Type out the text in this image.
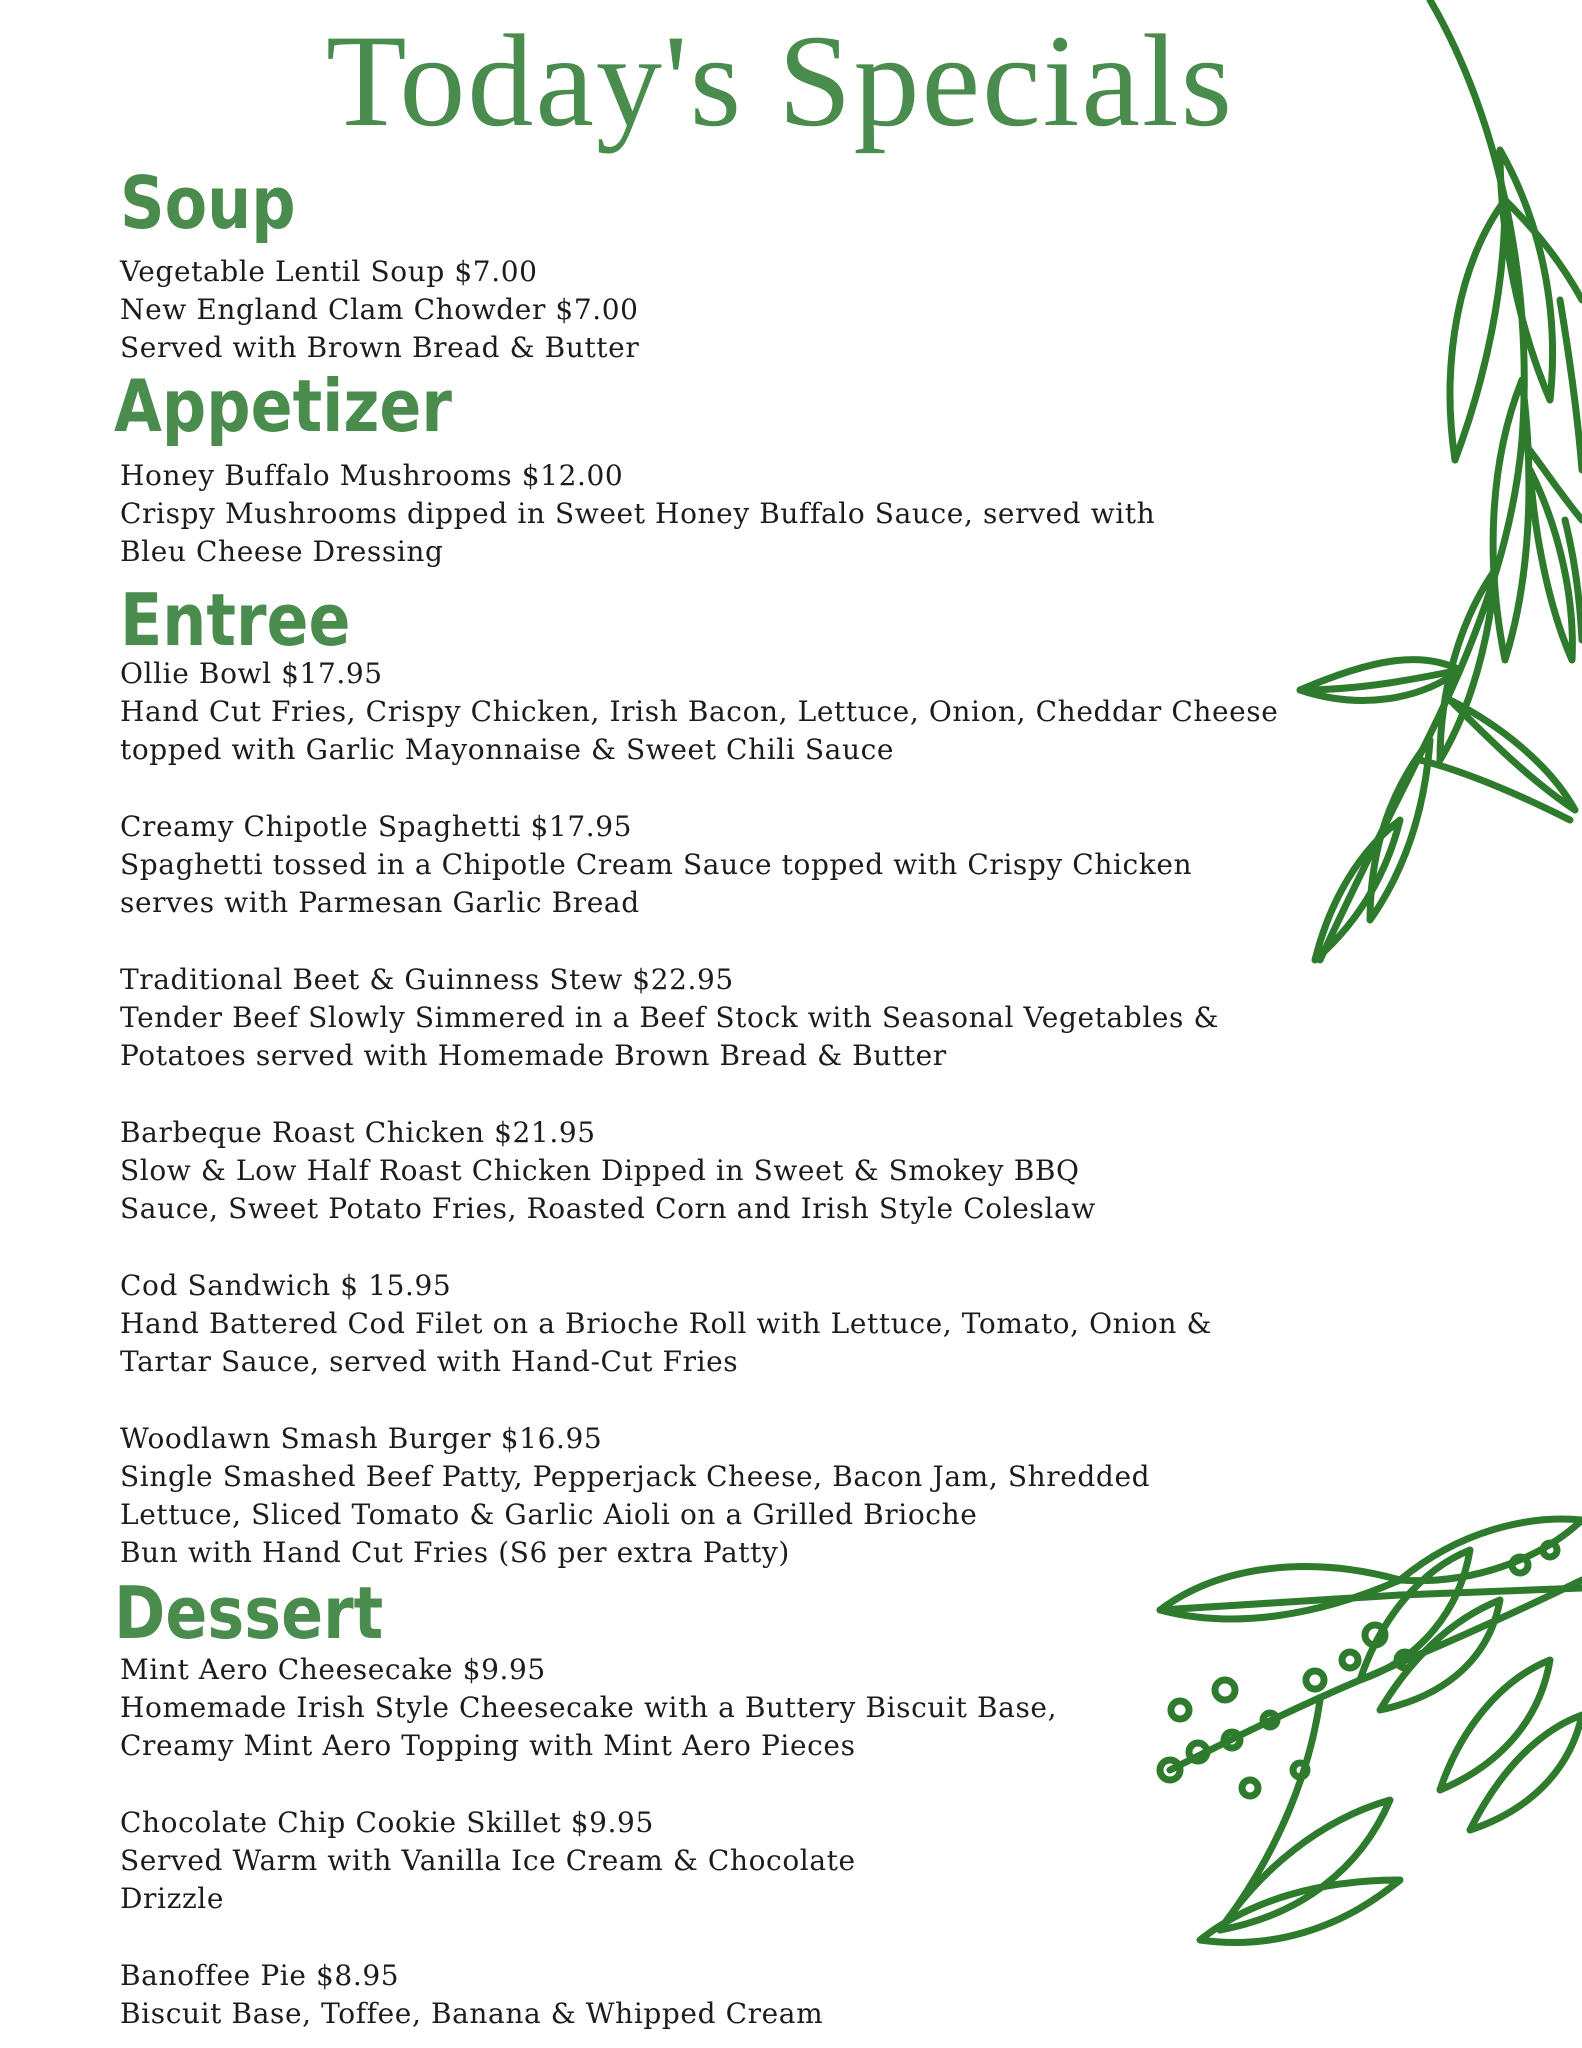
Today's Specials
Soup

Vegetable Lentil Soup $7.00

New England Clam Chowder $7.00

Served with Brown Bread & Butter

Appetizer

Honey Buffalo Mushrooms $12.00

Crispy Mushrooms dipped in Sweet Honey Buffalo Sauce, served with

Bleu Cheese Dressing

Entree

Ollie Bowl $17.95

Hand Cut Fries, Crispy Chicken, Irish Bacon, Lettuce, Onion, Cheddar Cheese

topped with Garlic Mayonnaise & Sweet Chili Sauce

Creamy Chipotle Spaghetti $17.95

Spaghetti tossed in a Chipotle Cream Sauce topped with Crispy Chicken

serves with Parmesan Garlic Bread

Traditional Beet & Guinness Stew $22.95

Tender Beef Slowly Simmered in a Beef Stock with Seasonal Vegetables &

Potatoes served with Homemade Brown Bread & Butter

Barbeque Roast Chicken $21.95

Slow & Low Half Roast Chicken Dipped in Sweet & Smokey BBQ

Sauce, Sweet Potato Fries, Roasted Corn and Irish Style Coleslaw

Cod Sandwich $ 15.95

Hand Battered Cod Filet on a Brioche Roll with Lettuce, Tomato, Onion &

Tartar Sauce, served with Hand-Cut Fries

Woodlawn Smash Burger $16.95

Single Smashed Beef Patty, Pepperjack Cheese, Bacon Jam, Shredded

Lettuce, Sliced Tomato & Garlic Aioli on a Grilled Brioche

Bun with Hand Cut Fries (S6 per extra Patty)

Dessert

Mint Aero Cheesecake $9.95

Homemade Irish Style Cheesecake with a Buttery Biscuit Base,

Creamy Mint Aero Topping with Mint Aero Pieces

Chocolate Chip Cookie Skillet $9.95

Served Warm with Vanilla Ice Cream & Chocolate

Drizzle

Banoffee Pie $8.95

Biscuit Base, Toffee, Banana & Whipped Cream
